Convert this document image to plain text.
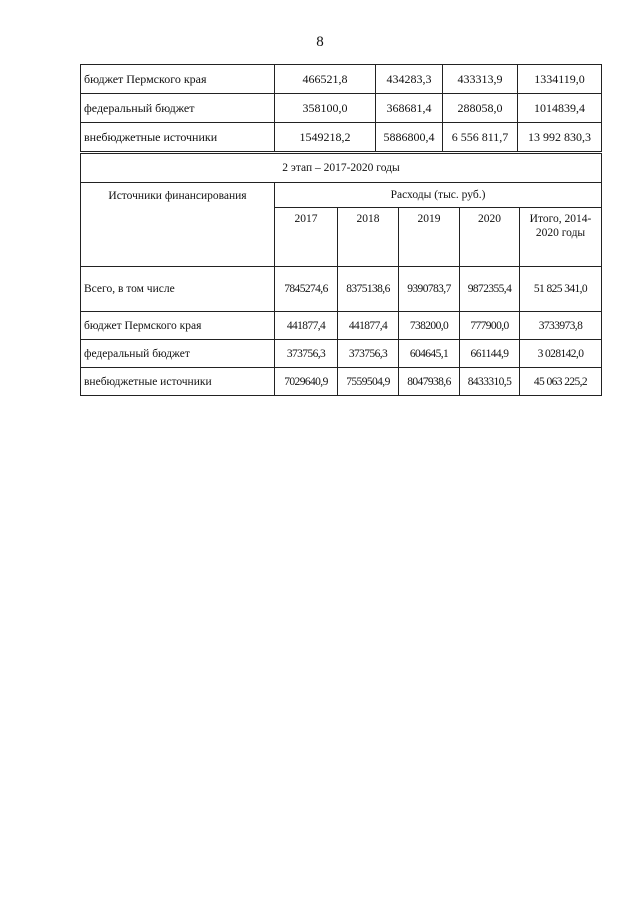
8
бюджет Пермского края	466521,8	434283,3	433313,9	1334119,0
федеральный бюджет	358100,0	368681,4	288058,0	1014839,4
внебюджетные источники	1549218,2	5886800,4	6 556 811,7	13 992 830,3
2 этап – 2017-2020 годы					
Источники финансирования	Расходы (тыс. руб.)				
	2017	2018	2019	2020	Итого, 2014-2020 годы
Всего, в том числе	7845274,6	8375138,6	9390783,7	9872355,4	51 825 341,0
бюджет Пермского края	441877,4	441877,4	738200,0	777900,0	3733973,8
федеральный бюджет	373756,3	373756,3	604645,1	661144,9	3 028142,0
внебюджетные источники	7029640,9	7559504,9	8047938,6	8433310,5	45 063 225,2
